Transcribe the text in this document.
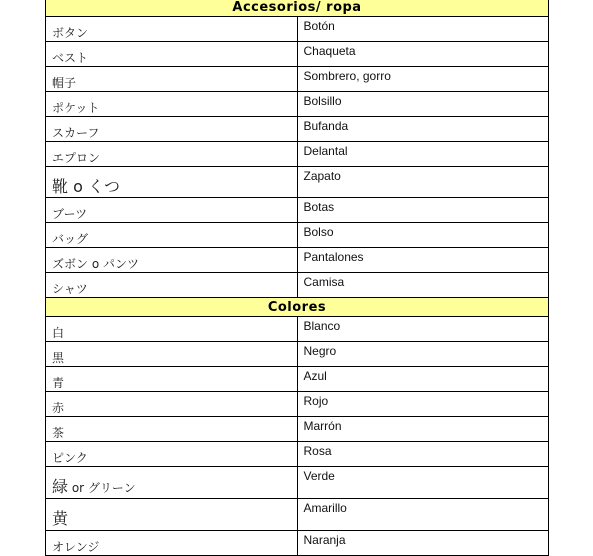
Accesorios/ ropa	
ボタン	Botón
ベスト	Chaqueta
帽子	Sombrero, gorro
ポケット	Bolsillo
スカーフ	Bufanda
エプロン	Delantal
靴 o くつ	Zapato
ブーツ	Botas
バッグ	Bolso
ズボン o パンツ	Pantalones
シャツ	Camisa
Colores	
白	Blanco
黒	Negro
青	Azul
赤	Rojo
茶	Marrón
ピンク	Rosa
緑 or グリーン	Verde
黄	Amarillo
オレンジ	Naranja
